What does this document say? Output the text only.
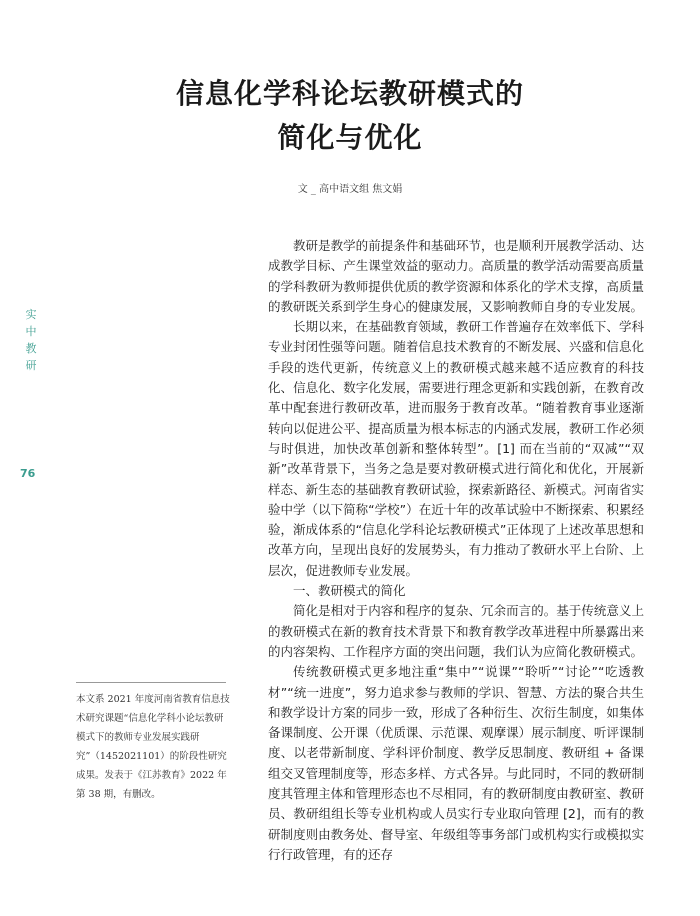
信息化学科论坛教研模式的
简化与优化
文 _ 高中语文组 焦文娟
实
中
教
研
76

教研是教学的前提条件和基础环节，也是顺利开展教学活动、达成教学目标、产生课堂效益的驱动力。高质量的教学活动需要高质量的学科教研为教师提供优质的教学资源和体系化的学术支撑，高质量的教研既关系到学生身心的健康发展，又影响教师自身的专业发展。

长期以来，在基础教育领域，教研工作普遍存在效率低下、学科专业封闭性强等问题。随着信息技术教育的不断发展、兴盛和信息化手段的迭代更新，传统意义上的教研模式越来越不适应教育的科技化、信息化、数字化发展，需要进行理念更新和实践创新，在教育改革中配套进行教研改革，进而服务于教育改革。“随着教育事业逐渐转向以促进公平、提高质量为根本标志的内涵式发展，教研工作必须与时俱进，加快改革创新和整体转型”。[1] 而在当前的“双减”“双新”改革背景下，当务之急是要对教研模式进行简化和优化，开展新样态、新生态的基础教育教研试验，探索新路径、新模式。河南省实验中学（以下简称“学校”）在近十年的改革试验中不断探索、积累经验，渐成体系的“信息化学科论坛教研模式”正体现了上述改革思想和改革方向，呈现出良好的发展势头，有力推动了教研水平上台阶、上层次，促进教师专业发展。

一、教研模式的简化

简化是相对于内容和程序的复杂、冗余而言的。基于传统意义上的教研模式在新的教育技术背景下和教育教学改革进程中所暴露出来的内容架构、工作程序方面的突出问题，我们认为应简化教研模式。

传统教研模式更多地注重“集中”“说课”“聆听”“讨论”“吃透教材”“统一进度”，努力追求参与教师的学识、智慧、方法的聚合共生和教学设计方案的同步一致，形成了各种衍生、次衍生制度，如集体备课制度、公开课（优质课、示范课、观摩课）展示制度、听评课制度、以老带新制度、学科评价制度、教学反思制度、教研组 + 备课组交叉管理制度等，形态多样、方式各异。与此同时，不同的教研制度其管理主体和管理形态也不尽相同，有的教研制度由教研室、教研员、教研组组长等专业机构或人员实行专业取向管理 [2]，而有的教研制度则由教务处、督导室、年级组等事务部门或机构实行或模拟实行行政管理，有的还存

本文系 2021 年度河南省教育信息技术研究课题“信息化学科小论坛教研模式下的教师专业发展实践研究”（1452021101）的阶段性研究成果。发表于《江苏教育》2022 年第 38 期，有删改。
